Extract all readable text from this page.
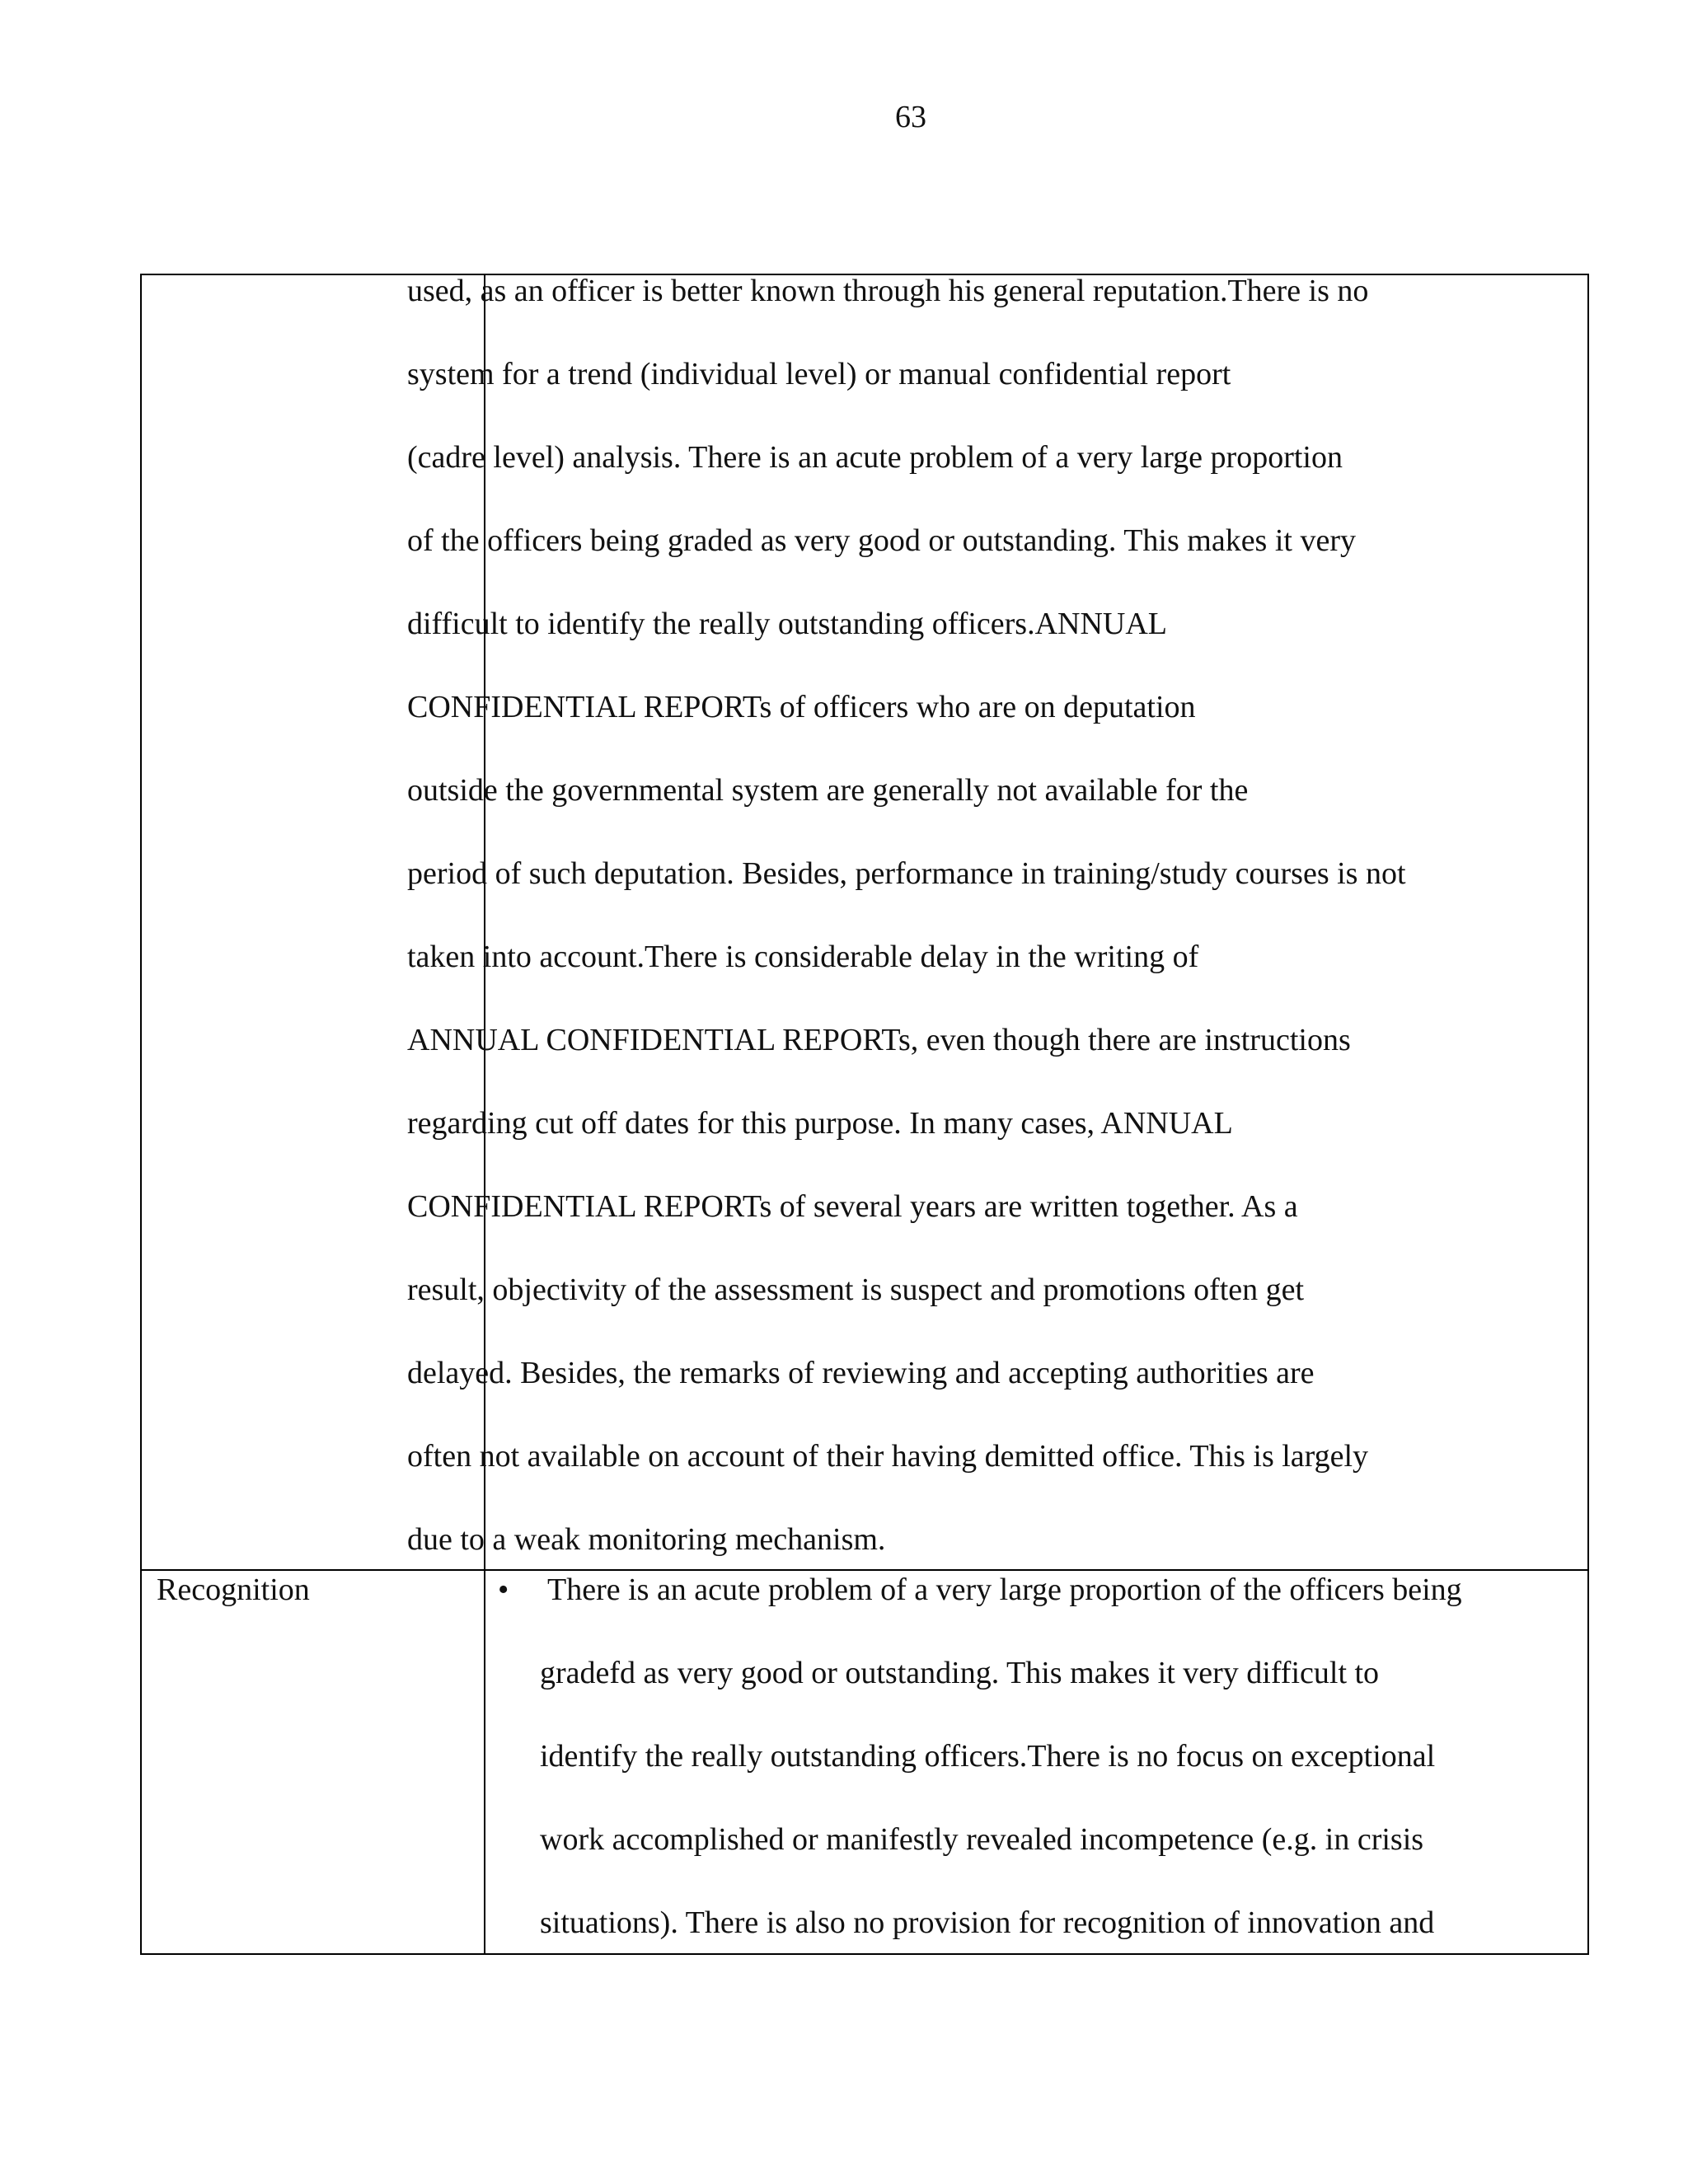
63
used, as an officer is better known through his general reputation.There is no
system for a trend (individual level) or manual confidential report
(cadre level) analysis. There is an acute problem of a very large proportion
of the officers being graded as very good or outstanding. This makes it very
difficult to identify the really outstanding officers.ANNUAL
CONFIDENTIAL REPORTs of officers who are on deputation
outside the governmental system are generally not available for the
period of such deputation. Besides, performance in training/study courses is not
taken into account.There is considerable delay in the writing of
ANNUAL CONFIDENTIAL REPORTs, even though there are instructions
regarding cut off dates for this purpose. In many cases, ANNUAL
CONFIDENTIAL REPORTs of several years are written together. As a
result, objectivity of the assessment is suspect and promotions often get
delayed. Besides, the remarks of reviewing and accepting authorities are
often not available on account of their having demitted office. This is largely
due to a weak monitoring mechanism.

Recognition	• There is an acute problem of a very large proportion of the officers being
gradefd as very good or outstanding. This makes it very difficult to
identify the really outstanding officers.There is no focus on exceptional
work accomplished or manifestly revealed incompetence (e.g. in crisis
situations). There is also no provision for recognition of innovation and
